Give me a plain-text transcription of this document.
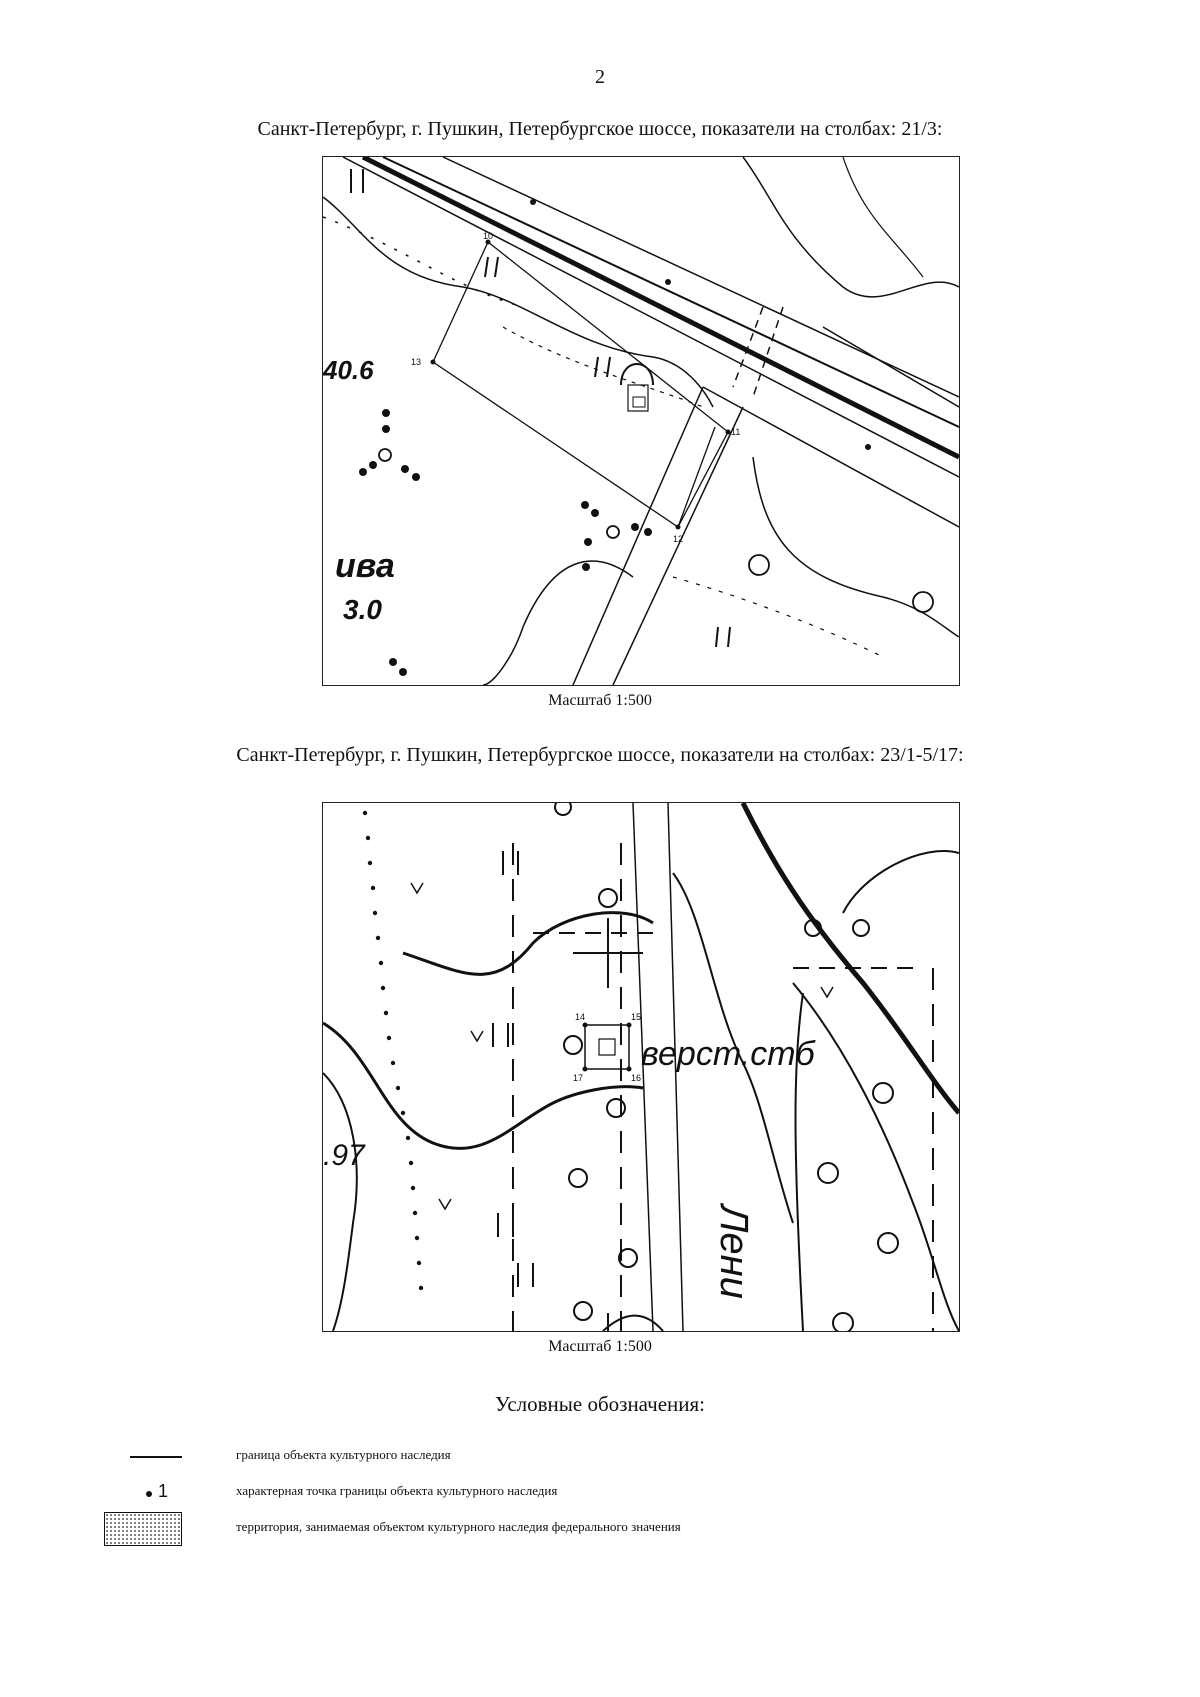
2
Санкт-Петербург, г. Пушкин, Петербургское шоссе, показатели на столбах: 21/3:
10
11
12
13
40.6
ива
3.0
Масштаб 1:500
Санкт-Петербург, г. Пушкин, Петербургское шоссе, показатели на столбах: 23/1-5/17:
14	15
16
17
верст.стб
.97
Лени
Масштаб 1:500
Условные обозначения:
граница объекта культурного наследия
1	характерная точка границы объекта культурного наследия
территория, занимаемая объектом культурного наследия федерального значения
